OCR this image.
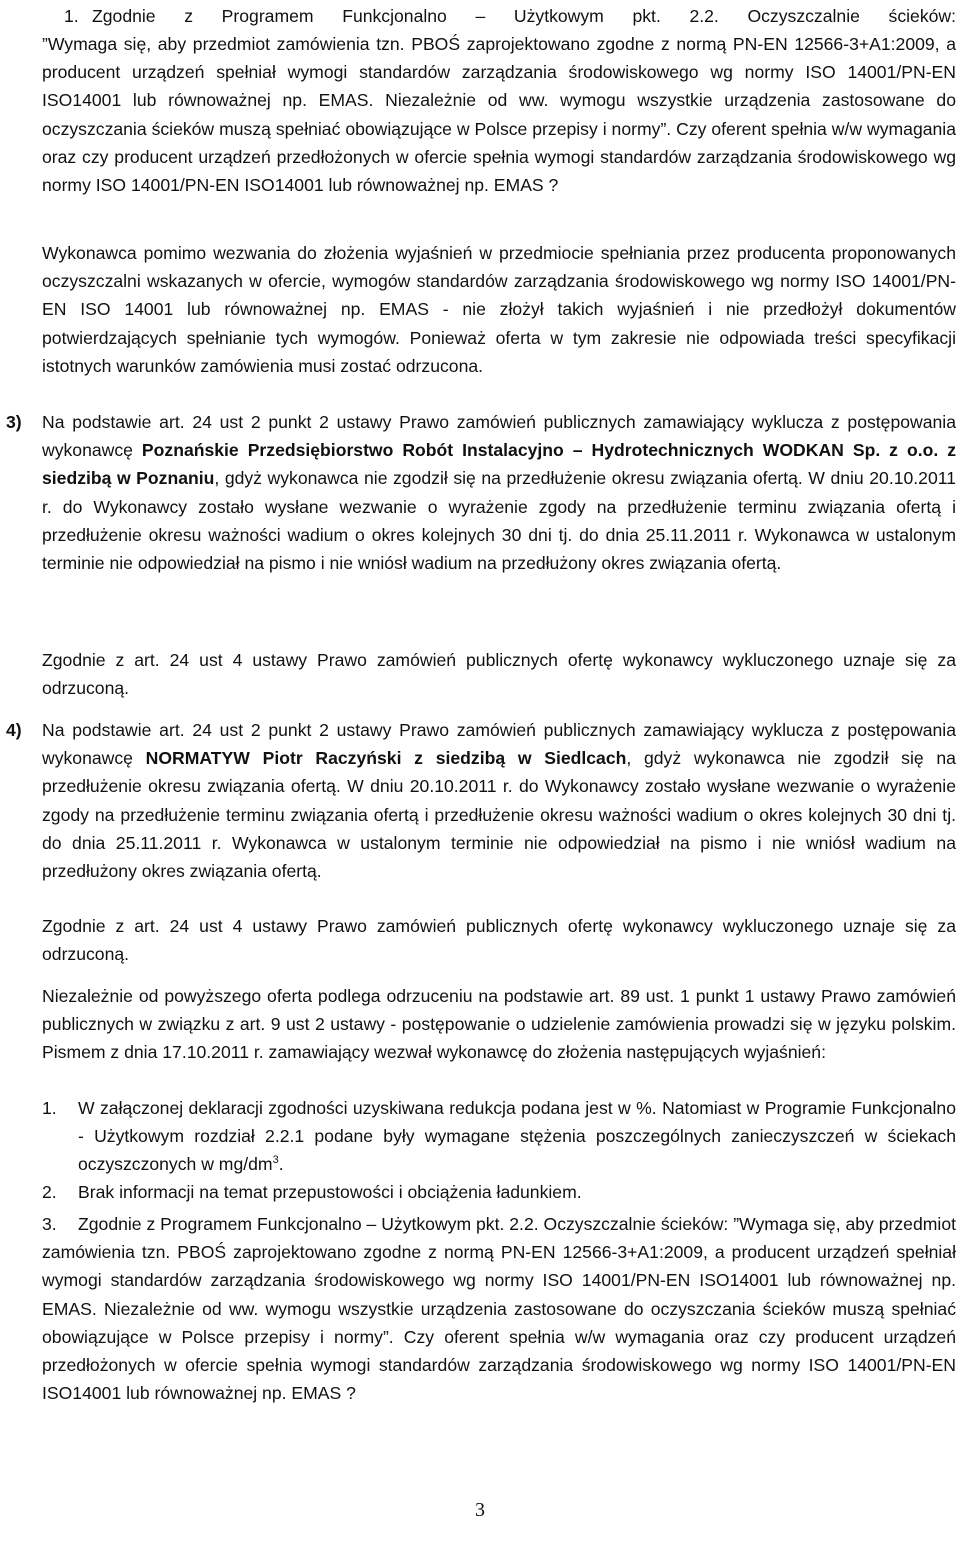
1. Zgodnie z Programem Funkcjonalno – Użytkowym pkt. 2.2. Oczyszczalnie ścieków:

”Wymaga się, aby przedmiot zamówienia tzn. PBOŚ zaprojektowano zgodne z normą PN-EN 12566-3+A1:2009, a producent urządzeń spełniał wymogi standardów zarządzania środowiskowego wg normy ISO 14001/PN-EN ISO14001 lub równoważnej np. EMAS. Niezależnie od ww. wymogu wszystkie urządzenia zastosowane do oczyszczania ścieków muszą spełniać obowiązujące w Polsce przepisy i normy”. Czy oferent spełnia w/w wymagania oraz czy producent urządzeń przedłożonych w ofercie spełnia wymogi standardów zarządzania środowiskowego wg normy ISO 14001/PN-EN ISO14001 lub równoważnej np. EMAS ?

Wykonawca pomimo wezwania do złożenia wyjaśnień w przedmiocie spełniania przez producenta proponowanych oczyszczalni wskazanych w ofercie, wymogów standardów zarządzania środowiskowego wg normy ISO 14001/PN-EN ISO 14001 lub równoważnej np. EMAS - nie złożył takich wyjaśnień i nie przedłożył dokumentów potwierdzających spełnianie tych wymogów. Ponieważ oferta w tym zakresie nie odpowiada treści specyfikacji istotnych warunków zamówienia musi zostać odrzucona.

3) Na podstawie art. 24 ust 2 punkt 2 ustawy Prawo zamówień publicznych zamawiający wyklucza z postępowania wykonawcę Poznańskie Przedsiębiorstwo Robót Instalacyjno – Hydrotechnicznych WODKAN Sp. z o.o. z siedzibą w Poznaniu, gdyż wykonawca nie zgodził się na przedłużenie okresu związania ofertą. W dniu 20.10.2011 r. do Wykonawcy zostało wysłane wezwanie o wyrażenie zgody na przedłużenie terminu związania ofertą i przedłużenie okresu ważności wadium o okres kolejnych 30 dni tj. do dnia 25.11.2011 r. Wykonawca w ustalonym terminie nie odpowiedział na pismo i nie wniósł wadium na przedłużony okres związania ofertą.

Zgodnie z art. 24 ust 4 ustawy Prawo zamówień publicznych ofertę wykonawcy wykluczonego uznaje się za odrzuconą.

4) Na podstawie art. 24 ust 2 punkt 2 ustawy Prawo zamówień publicznych zamawiający wyklucza z postępowania wykonawcę NORMATYW Piotr Raczyński z siedzibą w Siedlcach, gdyż wykonawca nie zgodził się na przedłużenie okresu związania ofertą. W dniu 20.10.2011 r. do Wykonawcy zostało wysłane wezwanie o wyrażenie zgody na przedłużenie terminu związania ofertą i przedłużenie okresu ważności wadium o okres kolejnych 30 dni tj. do dnia 25.11.2011 r. Wykonawca w ustalonym terminie nie odpowiedział na pismo i nie wniósł wadium na przedłużony okres związania ofertą.

Zgodnie z art. 24 ust 4 ustawy Prawo zamówień publicznych ofertę wykonawcy wykluczonego uznaje się za odrzuconą.

Niezależnie od powyższego oferta podlega odrzuceniu na podstawie art. 89 ust. 1 punkt 1 ustawy Prawo zamówień publicznych w związku z art. 9 ust 2 ustawy - postępowanie o udzielenie zamówienia prowadzi się w języku polskim. Pismem z dnia 17.10.2011 r. zamawiający wezwał wykonawcę do złożenia następujących wyjaśnień:

1. W załączonej deklaracji zgodności uzyskiwana redukcja podana jest w %. Natomiast w Programie Funkcjonalno - Użytkowym rozdział 2.2.1 podane były wymagane stężenia poszczególnych zanieczyszczeń w ściekach oczyszczonych w $mg/dm^3$.

2. Brak informacji na temat przepustowości i obciążenia ładunkiem.

3.	Zgodnie z Programem Funkcjonalno – Użytkowym pkt. 2.2. Oczyszczalnie ścieków: ”Wymaga się, aby przedmiot zamówienia tzn. PBOŚ zaprojektowano zgodne z normą PN-EN 12566-3+A1:2009, a producent urządzeń spełniał wymogi standardów zarządzania środowiskowego wg normy ISO 14001/PN-EN ISO14001 lub równoważnej np. EMAS. Niezależnie od ww. wymogu wszystkie urządzenia zastosowane do oczyszczania ścieków muszą spełniać obowiązujące w Polsce przepisy i normy”. Czy oferent spełnia w/w wymagania oraz czy producent urządzeń przedłożonych w ofercie spełnia wymogi standardów zarządzania środowiskowego wg normy ISO 14001/PN-EN ISO14001 lub równoważnej np. EMAS ?

3
